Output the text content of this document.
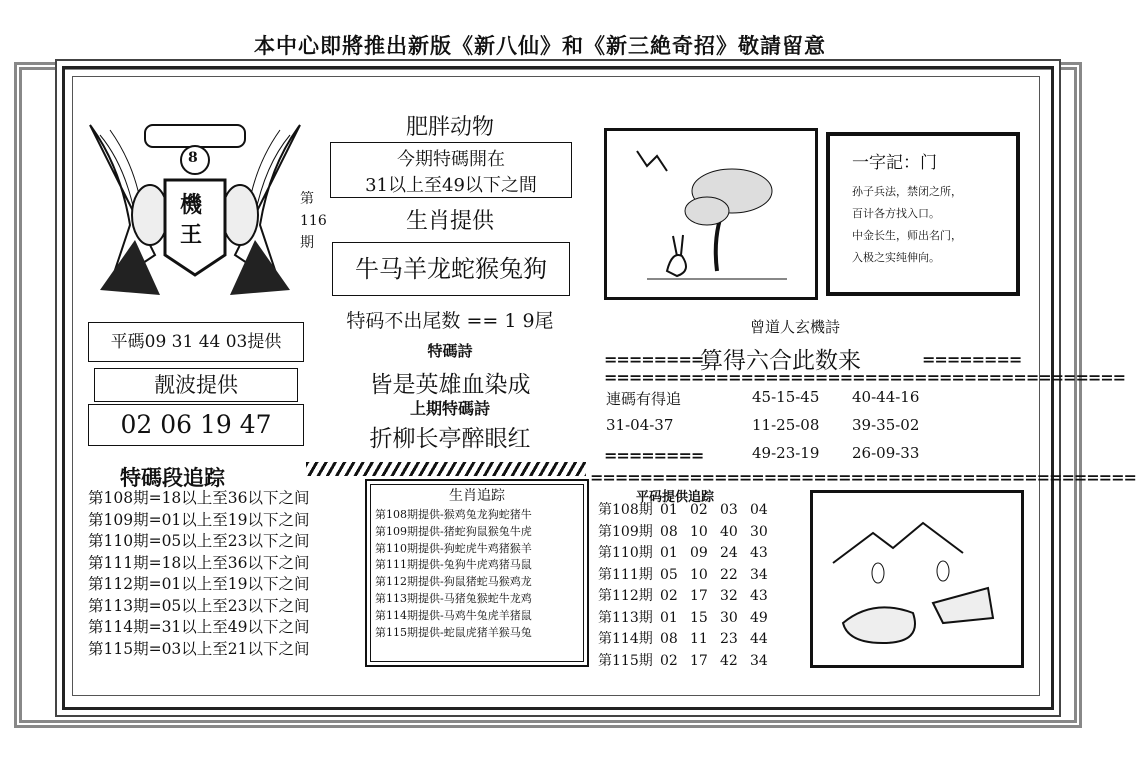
本中心即將推出新版《新八仙》和《新三絶奇招》敬請留意
8
機王
第116期
肥胖动物
今期特碼開在
31以上至49以下之間
生肖提供
牛马羊龙蛇猴兔狗
特码不出尾数 == 1 9尾
特碼詩
皆是英雄血染成
上期特碼詩
折柳长亭醉眼红
平碼09 31 44 03提供
靓波提供
02 06 19 47
特碼段追踪
第108期=18以上至36以下之间
第109期=01以上至19以下之间
第110期=05以上至23以下之间
第111期=18以上至36以下之间
第112期=01以上至19以下之间
第113期=05以上至23以下之间
第114期=31以上至49以下之间
第115期=03以上至21以下之间
生肖追踪
第108期提供-猴鸡兔龙狗蛇猪牛
第109期提供-猪蛇狗鼠猴兔牛虎
第110期提供-狗蛇虎牛鸡猪猴羊
第111期提供-兔狗牛虎鸡猪马鼠
第112期提供-狗鼠猪蛇马猴鸡龙
第113期提供-马猪兔猴蛇牛龙鸡
第114期提供-马鸡牛兔虎羊猪鼠
第115期提供-蛇鼠虎猪羊猴马兔
一字記：门
孙子兵法，禁闭之所，
百计各方找入口。
中金长生，师出名门，
入极之实纯伸向。
曾道人玄機詩
========
算得六合此数来	========
==========================================
連碼有得追	45-15-45 40-44-16
31-04-37	11-25-08 39-35-02
========	49-23-19 26-09-33
============================================
平码提供追踪
第108期 01 02 03 04
第109期 08 10 40 30
第110期 01 09 24 43
第111期 05 10 22 34
第112期 02 17 32 43
第113期 01 15 30 49
第114期 08 11 23 44
第115期 02 17 42 34
